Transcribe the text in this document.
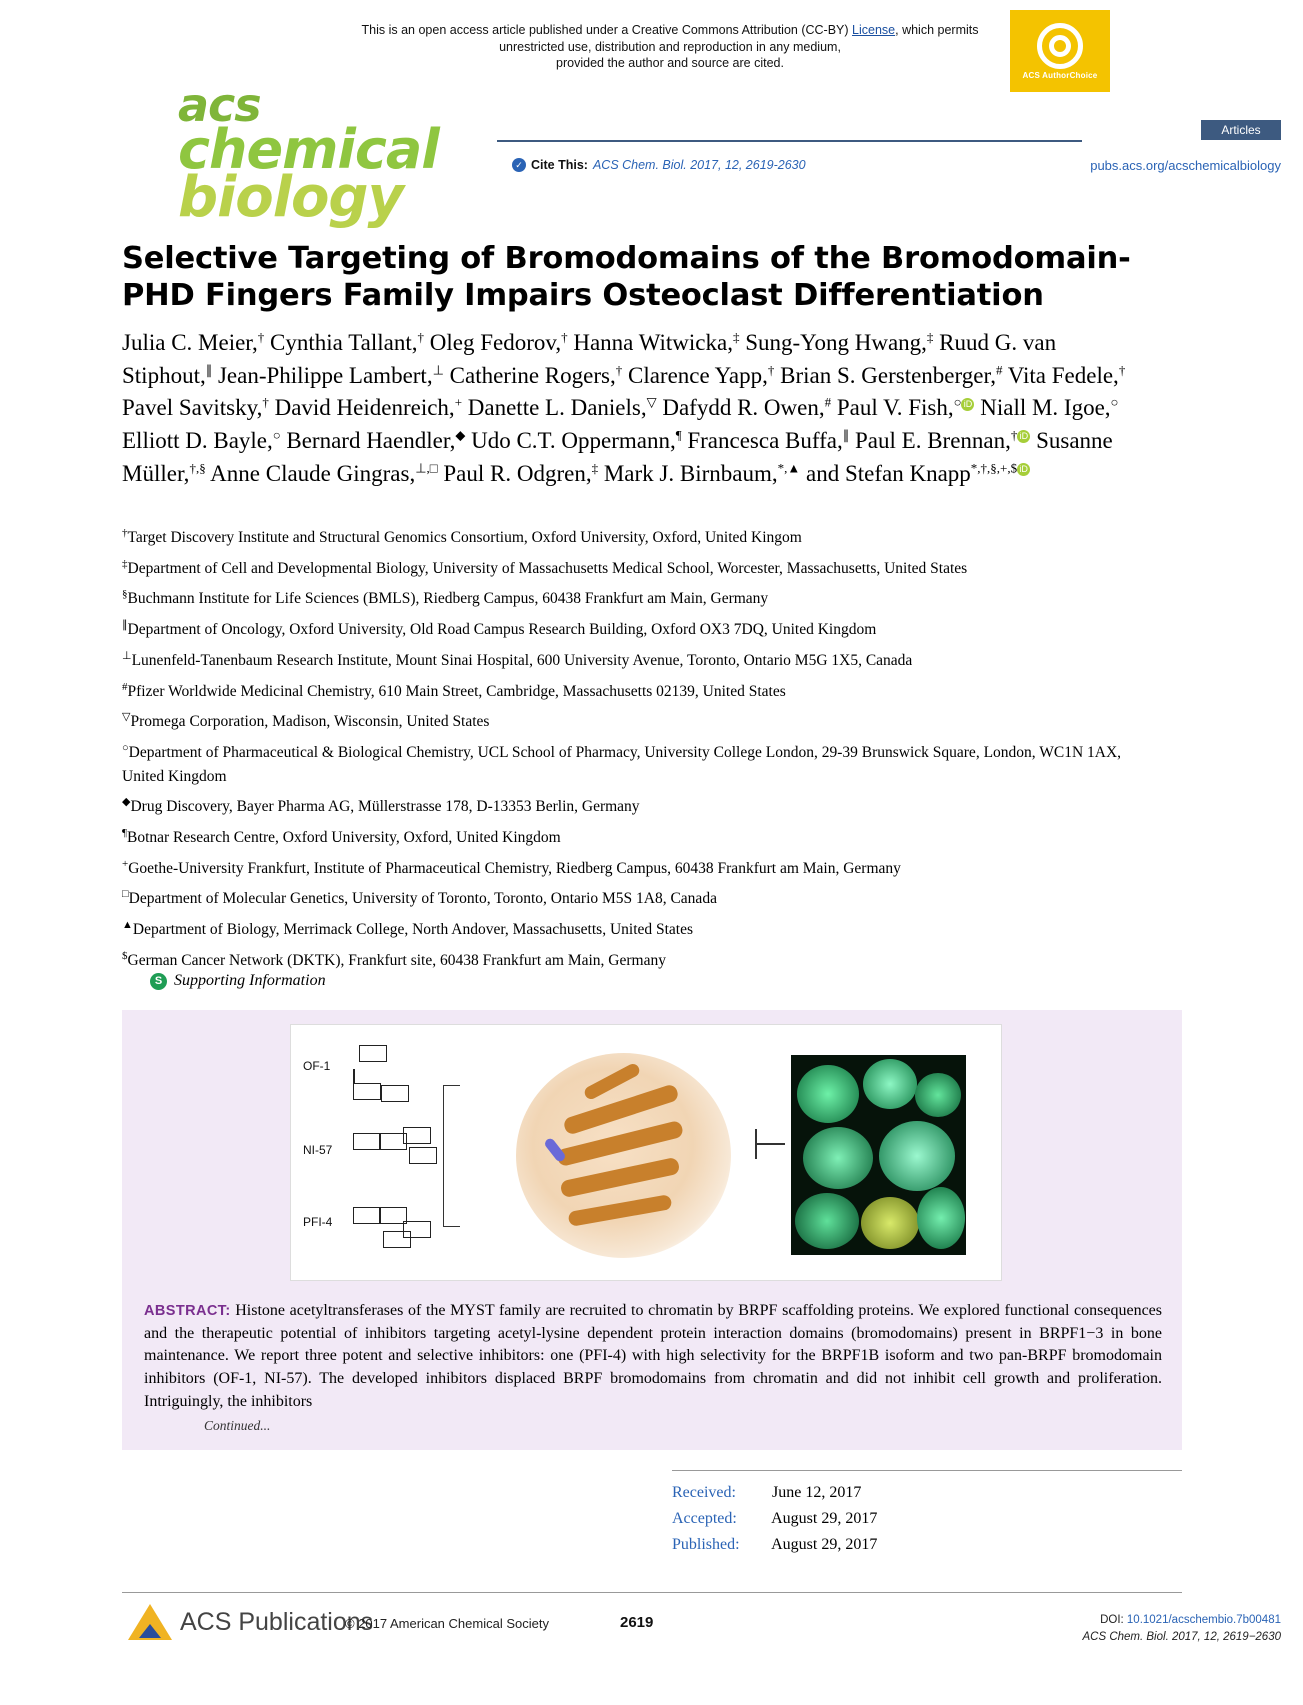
This is an open access article published under a Creative Commons Attribution (CC-BY) License, which permits unrestricted use, distribution and reproduction in any medium,
provided the author and source are cited.
ACS AuthorChoice
acs
chemical
biology
Articles
✓ Cite This: ACS Chem. Biol. 2017, 12, 2619-2630	pubs.acs.org/acschemicalbiology
Selective Targeting of Bromodomains of the Bromodomain-PHD Fingers Family Impairs Osteoclast Differentiation
Julia C. Meier,† Cynthia Tallant,† Oleg Fedorov,† Hanna Witwicka,‡ Sung-Yong Hwang,‡ Ruud G. van Stiphout,∥ Jean-Philippe Lambert,⊥ Catherine Rogers,† Clarence Yapp,† Brian S. Gerstenberger,# Vita Fedele,† Pavel Savitsky,† David Heidenreich,+ Danette L. Daniels,▽ Dafydd R. Owen,# Paul V. Fish,○ iD Niall M. Igoe,○ Elliott D. Bayle,○ Bernard Haendler,◆ Udo C.T. Oppermann,¶ Francesca Buffa,∥ Paul E. Brennan,† iD Susanne Müller,†,§ Anne Claude Gingras,⊥,□ Paul R. Odgren,‡ Mark J. Birnbaum,*,▲ and Stefan Knapp*,†,§,+,$ iD
†Target Discovery Institute and Structural Genomics Consortium, Oxford University, Oxford, United Kingom
‡Department of Cell and Developmental Biology, University of Massachusetts Medical School, Worcester, Massachusetts, United States
§Buchmann Institute for Life Sciences (BMLS), Riedberg Campus, 60438 Frankfurt am Main, Germany
∥Department of Oncology, Oxford University, Old Road Campus Research Building, Oxford OX3 7DQ, United Kingdom
⊥Lunenfeld-Tanenbaum Research Institute, Mount Sinai Hospital, 600 University Avenue, Toronto, Ontario M5G 1X5, Canada
#Pfizer Worldwide Medicinal Chemistry, 610 Main Street, Cambridge, Massachusetts 02139, United States
▽Promega Corporation, Madison, Wisconsin, United States
○Department of Pharmaceutical & Biological Chemistry, UCL School of Pharmacy, University College London, 29-39 Brunswick Square, London, WC1N 1AX, United Kingdom
◆Drug Discovery, Bayer Pharma AG, Müllerstrasse 178, D-13353 Berlin, Germany
¶Botnar Research Centre, Oxford University, Oxford, United Kingdom
+Goethe-University Frankfurt, Institute of Pharmaceutical Chemistry, Riedberg Campus, 60438 Frankfurt am Main, Germany
□Department of Molecular Genetics, University of Toronto, Toronto, Ontario M5S 1A8, Canada
▲Department of Biology, Merrimack College, North Andover, Massachusetts, United States
$German Cancer Network (DKTK), Frankfurt site, 60438 Frankfurt am Main, Germany
S Supporting Information
OF-1
NI-57
PFI-4
ABSTRACT: Histone acetyltransferases of the MYST family are recruited to chromatin by BRPF scaffolding proteins. We explored functional consequences and the therapeutic potential of inhibitors targeting acetyl-lysine dependent protein interaction domains (bromodomains) present in BRPF1−3 in bone maintenance. We report three potent and selective inhibitors: one (PFI-4) with high selectivity for the BRPF1B isoform and two pan-BRPF bromodomain inhibitors (OF-1, NI-57). The developed inhibitors displaced BRPF bromodomains from chromatin and did not inhibit cell growth and proliferation. Intriguingly, the inhibitors
Continued...
Received: June 12, 2017
Accepted: August 29, 2017
Published: August 29, 2017
ACS Publications
© 2017 American Chemical Society	2619	DOI: 10.1021/acschembio.7b00481
ACS Chem. Biol. 2017, 12, 2619−2630
